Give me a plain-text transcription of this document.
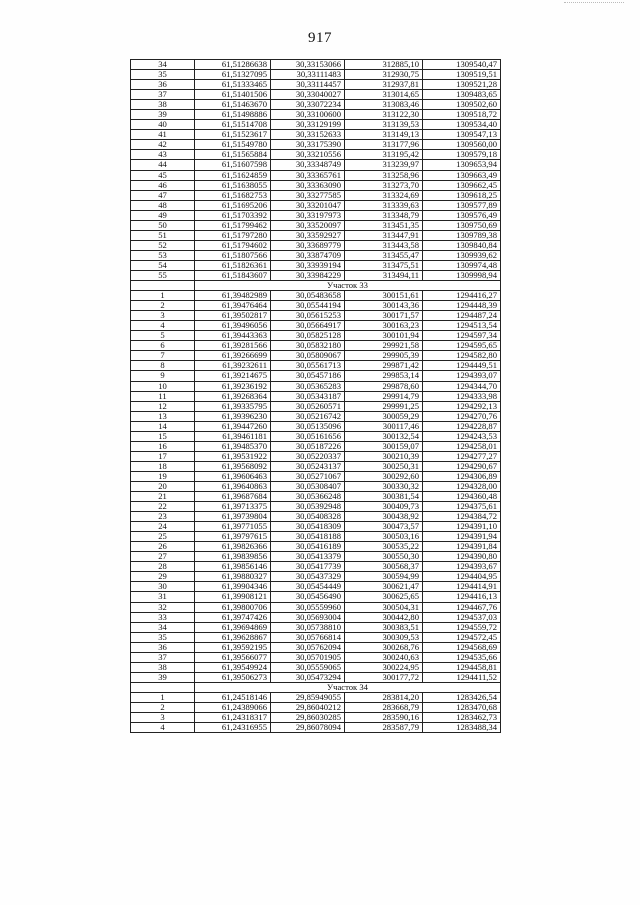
917
34	61,51286638	30,33153066	312885,10	1309540,47
35	61,51327095	30,33111483	312930,75	1309519,51
36	61,51333465	30,33114457	312937,81	1309521,28
37	61,51401506	30,33040027	313014,65	1309483,65
38	61,51463670	30,33072234	313083,46	1309502,60
39	61,51498886	30,33100600	313122,30	1309518,72
40	61,51514708	30,33129199	313139,53	1309534,40
41	61,51523617	30,33152633	313149,13	1309547,13
42	61,51549780	30,33175390	313177,96	1309560,00
43	61,51565884	30,33210556	313195,42	1309579,18
44	61,51607598	30,33348749	313239,97	1309653,94
45	61,51624859	30,33365761	313258,96	1309663,49
46	61,51638055	30,33363090	313273,70	1309662,45
47	61,51682753	30,33277585	313324,69	1309618,25
48	61,51695206	30,33201047	313339,63	1309577,89
49	61,51703392	30,33197973	313348,79	1309576,49
50	61,51799462	30,33520097	313451,35	1309750,69
51	61,51797280	30,33592927	313447,91	1309789,38
52	61,51794602	30,33689779	313443,58	1309840,84
53	61,51807566	30,33874709	313455,47	1309939,62
54	61,51826361	30,33939194	313475,51	1309974,48
55	61,51843607	30,33984229	313494,11	1309998,94
	Участок 33			
1	61,39482989	30,05483658	300151,61	1294416,27
2	61,39476464	30,05544194	300143,36	1294448,39
3	61,39502817	30,05615253	300171,57	1294487,24
4	61,39496056	30,05664917	300163,23	1294513,54
5	61,39443363	30,05825128	300101,94	1294597,34
6	61,39281566	30,05832180	299921,58	1294595,65
7	61,39266699	30,05809067	299905,39	1294582,80
8	61,39232611	30,05561713	299871,42	1294449,51
9	61,39214675	30,05457186	299853,14	1294393,07
10	61,39236192	30,05365283	299878,60	1294344,70
11	61,39268364	30,05343187	299914,79	1294333,98
12	61,39335795	30,05260571	299991,25	1294292,13
13	61,39396230	30,05216742	300059,29	1294270,76
14	61,39447260	30,05135096	300117,46	1294228,87
15	61,39461181	30,05161656	300132,54	1294243,53
16	61,39485370	30,05187226	300159,07	1294258,01
17	61,39531922	30,05220337	300210,39	1294277,27
18	61,39568092	30,05243137	300250,31	1294290,67
19	61,39606463	30,05271067	300292,60	1294306,89
20	61,39640863	30,05308407	300330,32	1294328,00
21	61,39687684	30,05366248	300381,54	1294360,48
22	61,39713375	30,05392948	300409,73	1294375,61
23	61,39739804	30,05408328	300438,92	1294384,72
24	61,39771055	30,05418309	300473,57	1294391,10
25	61,39797615	30,05418188	300503,16	1294391,94
26	61,39826366	30,05416189	300535,22	1294391,84
27	61,39839856	30,05413379	300550,30	1294390,80
28	61,39856146	30,05417739	300568,37	1294393,67
29	61,39880327	30,05437329	300594,99	1294404,95
30	61,39904346	30,05454449	300621,47	1294414,91
31	61,39908121	30,05456490	300625,65	1294416,13
32	61,39800706	30,05559960	300504,31	1294467,76
33	61,39747426	30,05693004	300442,80	1294537,03
34	61,39694869	30,05738810	300383,51	1294559,72
35	61,39628867	30,05766814	300309,53	1294572,45
36	61,39592195	30,05762094	300268,76	1294568,69
37	61,39566077	30,05701905	300240,63	1294535,66
38	61,39549924	30,05559065	300224,95	1294458,81
39	61,39506273	30,05473294	300177,72	1294411,52
	Участок 34			
1	61,24518146	29,85949055	283814,20	1283426,54
2	61,24389066	29,86040212	283668,79	1283470,68
3	61,24318317	29,86030285	283590,16	1283462,73
4	61,24316955	29,86078094	283587,79	1283488,34
